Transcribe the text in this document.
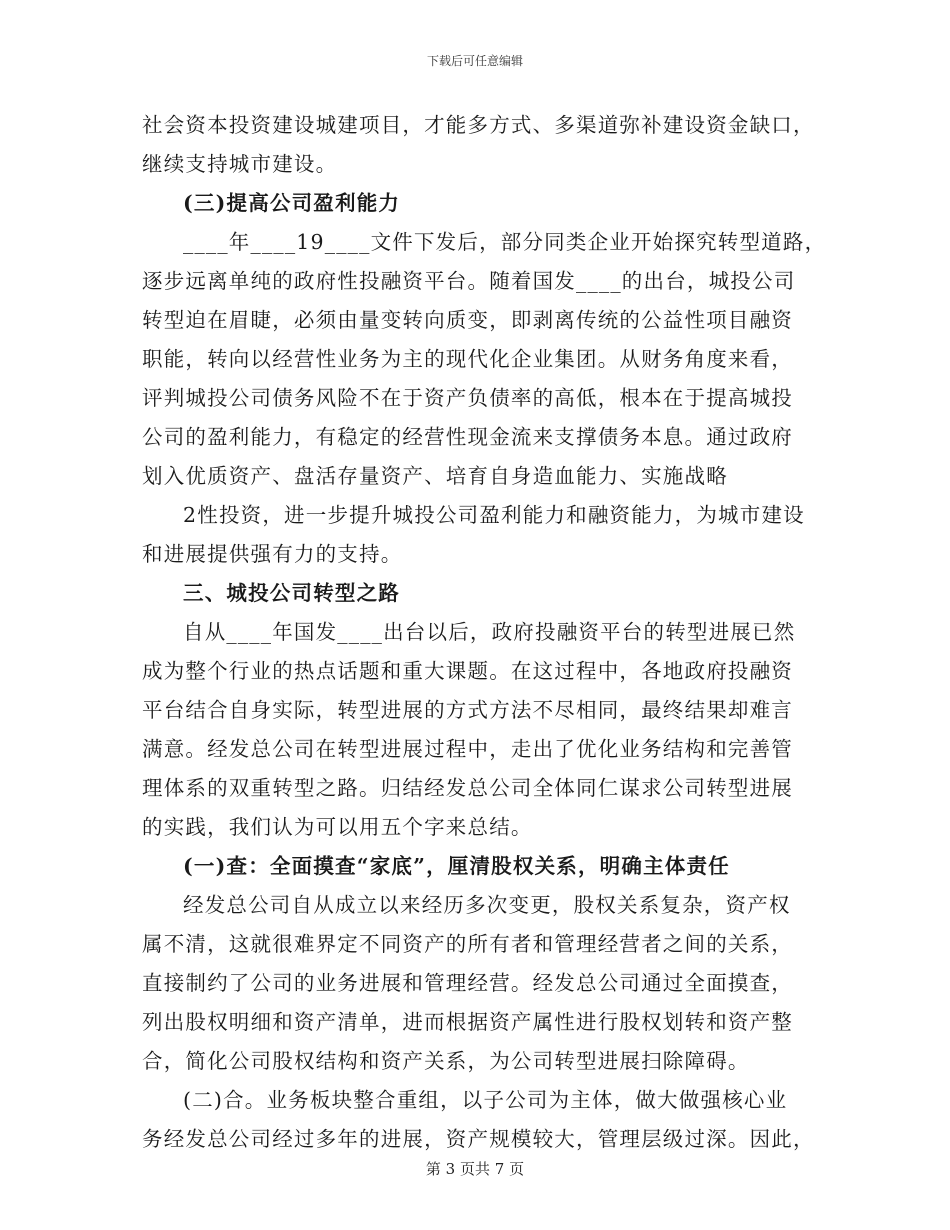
下载后可任意编辑
社会资本投资建设城建项目，才能多方式、多渠道弥补建设资金缺口，
继续支持城市建设。
(三)提高公司盈利能力
____年____19____文件下发后，部分同类企业开始探究转型道路，
逐步远离单纯的政府性投融资平台。随着国发____的出台，城投公司
转型迫在眉睫，必须由量变转向质变，即剥离传统的公益性项目融资
职能，转向以经营性业务为主的现代化企业集团。从财务角度来看，
评判城投公司债务风险不在于资产负债率的高低，根本在于提高城投
公司的盈利能力，有稳定的经营性现金流来支撑债务本息。通过政府
划入优质资产、盘活存量资产、培育自身造血能力、实施战略
2性投资，进一步提升城投公司盈利能力和融资能力，为城市建设
和进展提供强有力的支持。
三、城投公司转型之路
自从____年国发____出台以后，政府投融资平台的转型进展已然
成为整个行业的热点话题和重大课题。在这过程中，各地政府投融资
平台结合自身实际，转型进展的方式方法不尽相同，最终结果却难言
满意。经发总公司在转型进展过程中，走出了优化业务结构和完善管
理体系的双重转型之路。归结经发总公司全体同仁谋求公司转型进展
的实践，我们认为可以用五个字来总结。
(一)查：全面摸查“家底”，厘清股权关系，明确主体责任
经发总公司自从成立以来经历多次变更，股权关系复杂，资产权
属不清，这就很难界定不同资产的所有者和管理经营者之间的关系，
直接制约了公司的业务进展和管理经营。经发总公司通过全面摸查，
列出股权明细和资产清单，进而根据资产属性进行股权划转和资产整
合，简化公司股权结构和资产关系，为公司转型进展扫除障碍。
(二)合。业务板块整合重组，以子公司为主体，做大做强核心业
务经发总公司经过多年的进展，资产规模较大，管理层级过深。因此，
第 3 页共 7 页
